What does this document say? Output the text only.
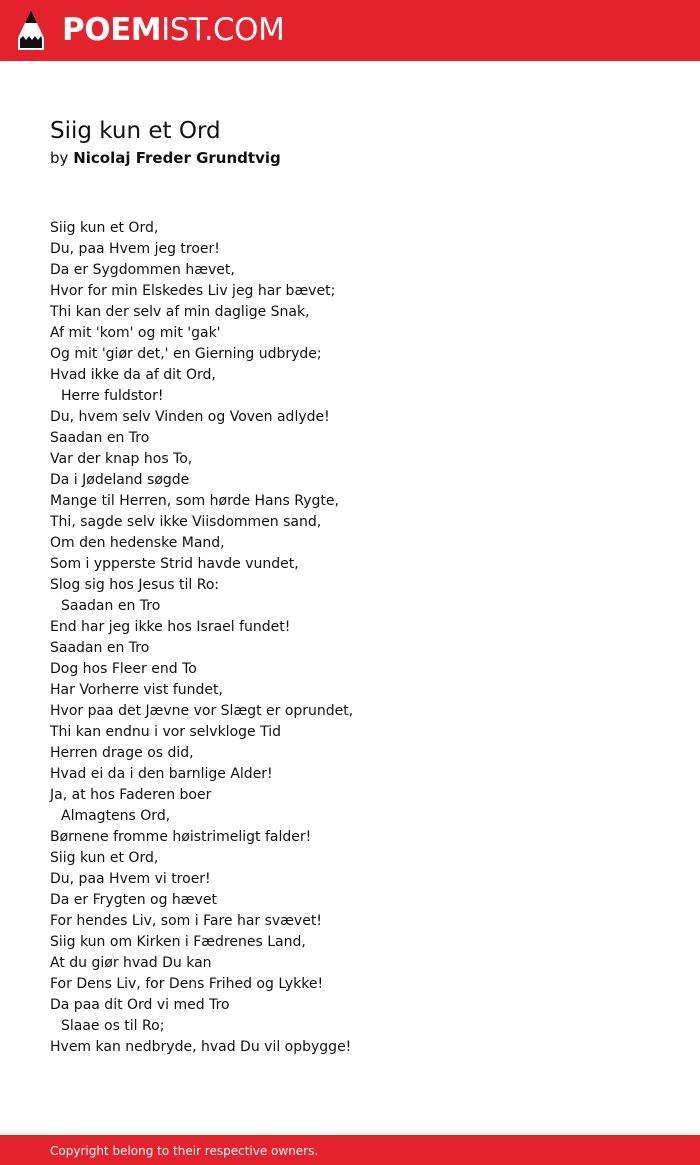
POEMIST.COM
Siig kun et Ord
by Nicolaj Freder Grundtvig
Siig kun et Ord,
Du, paa Hvem jeg troer!
Da er Sygdommen hævet,
Hvor for min Elskedes Liv jeg har bævet;
Thi kan der selv af min daglige Snak,
Af mit 'kom' og mit 'gak'
Og mit 'giør det,' en Gierning udbryde;
Hvad ikke da af dit Ord,
Herre fuldstor!
Du, hvem selv Vinden og Voven adlyde!
Saadan en Tro
Var der knap hos To,
Da i Jødeland søgde
Mange til Herren, som hørde Hans Rygte,
Thi, sagde selv ikke Viisdommen sand,
Om den hedenske Mand,
Som i ypperste Strid havde vundet,
Slog sig hos Jesus til Ro:
Saadan en Tro
End har jeg ikke hos Israel fundet!
Saadan en Tro
Dog hos Fleer end To
Har Vorherre vist fundet,
Hvor paa det Jævne vor Slægt er oprundet,
Thi kan endnu i vor selvkloge Tid
Herren drage os did,
Hvad ei da i den barnlige Alder!
Ja, at hos Faderen boer
Almagtens Ord,
Børnene fromme høistrimeligt falder!
Siig kun et Ord,
Du, paa Hvem vi troer!
Da er Frygten og hævet
For hendes Liv, som i Fare har svævet!
Siig kun om Kirken i Fædrenes Land,
At du giør hvad Du kan
For Dens Liv, for Dens Frihed og Lykke!
Da paa dit Ord vi med Tro
Slaae os til Ro;
Hvem kan nedbryde, hvad Du vil opbygge!
Copyright belong to their respective owners.
